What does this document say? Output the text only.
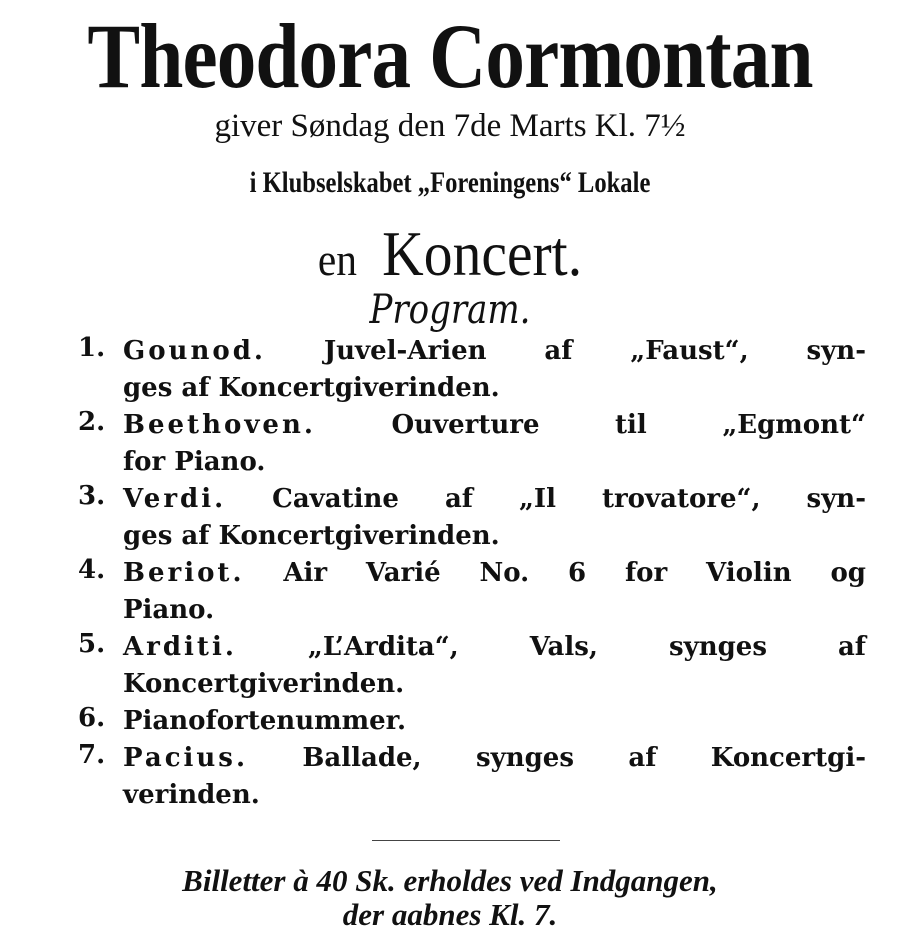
Theodora Cormontan
giver Søndag den 7de Marts Kl. 7½
i Klubselskabet „Foreningens“ Lokale
en Koncert.
Program.
1. Gounod. Juvel-Arien af „Faust“, syn-
ges af Koncertgiverinden.
2. Beethoven.	Ouverture til „Egmont“
for Piano.
3. Verdi. Cavatine af „Il trovatore“, syn-
ges af Koncertgiverinden.
4. Beriot. Air Varié No. 6 for Violin og
Piano.
5. Arditi.	„L’Ardita“, Vals, synges af
Koncertgiverinden.
6. Pianofortenummer.
7. Pacius. Ballade, synges af Koncertgi-
verinden.
Billetter à 40 Sk. erholdes ved Indgangen,
der aabnes Kl. 7.
